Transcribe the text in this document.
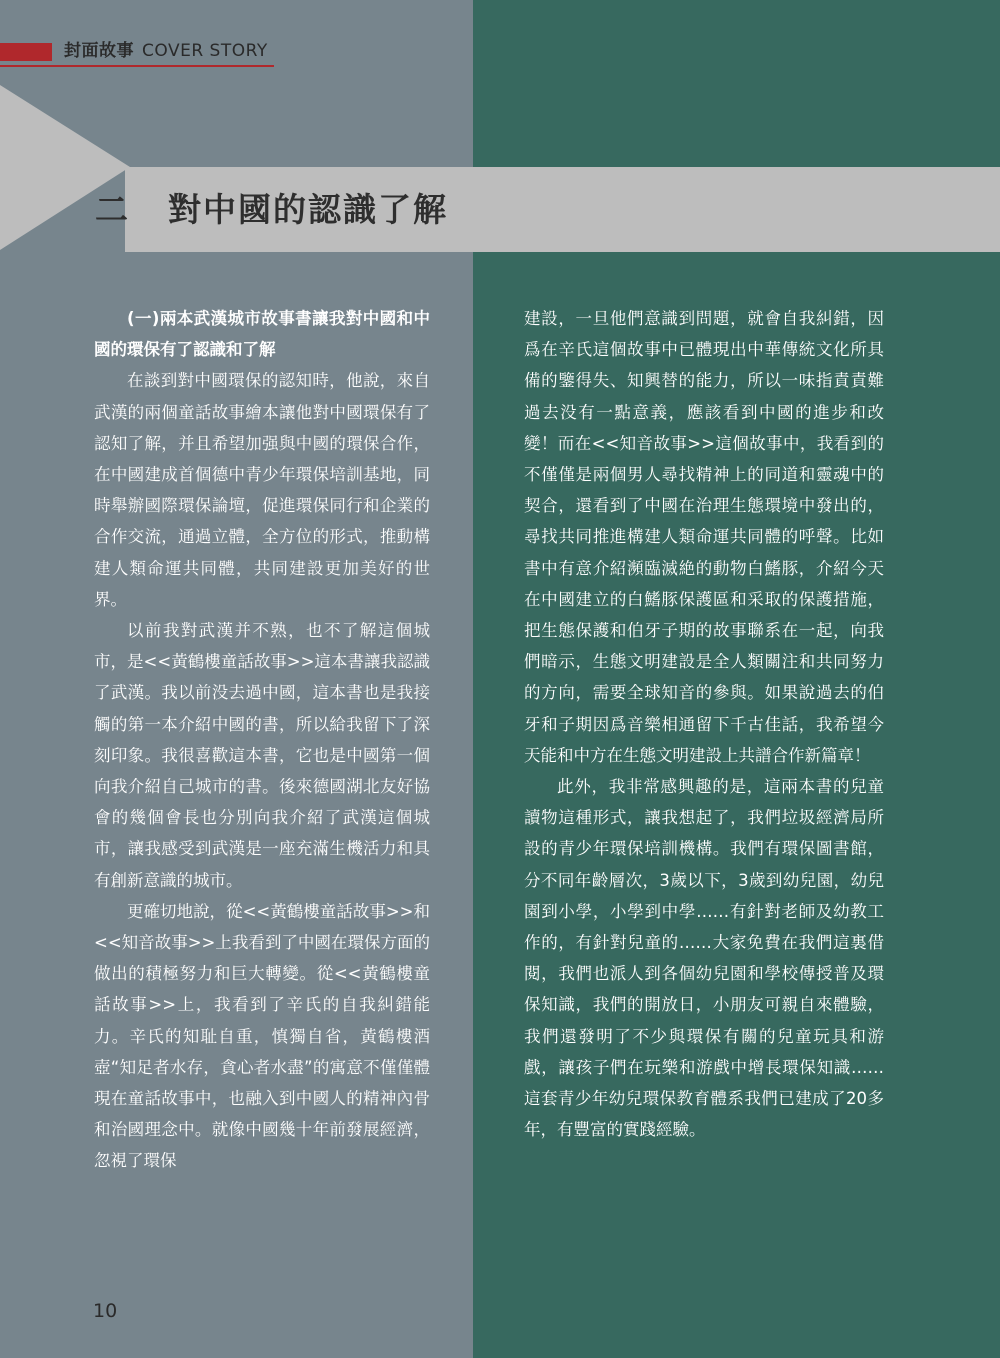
封面故事 COVER STORY
二 對中國的認識了解

(一)兩本武漢城市故事書讓我對中國和中國的環保有了認識和了解

在談到對中國環保的認知時，他說，來自武漢的兩個童話故事繪本讓他對中國環保有了認知了解，并且希望加强與中國的環保合作，在中國建成首個德中青少年環保培訓基地，同時舉辦國際環保論壇，促進環保同行和企業的合作交流，通過立體，全方位的形式，推動構建人類命運共同體，共同建設更加美好的世界。

以前我對武漢并不熟，也不了解這個城市，是<<黃鶴樓童話故事>>這本書讓我認識了武漢。我以前没去過中國，這本書也是我接觸的第一本介紹中國的書，所以給我留下了深刻印象。我很喜歡這本書，它也是中國第一個向我介紹自己城市的書。後來德國湖北友好協會的幾個會長也分別向我介紹了武漢這個城市，讓我感受到武漢是一座充滿生機活力和具有創新意識的城市。

更確切地說，從<<黃鶴樓童話故事>>和<<知音故事>>上我看到了中國在環保方面的做出的積極努力和巨大轉變。從<<黃鶴樓童話故事>>上，我看到了辛氏的自我糾錯能力。辛氏的知耻自重，慎獨自省，黃鶴樓酒壺“知足者水存，貪心者水盡”的寓意不僅僅體現在童話故事中，也融入到中國人的精神內骨和治國理念中。就像中國幾十年前發展經濟，忽視了環保

建設，一旦他們意識到問題，就會自我糾錯，因爲在辛氏這個故事中已體現出中華傳統文化所具備的鑒得失、知興替的能力，所以一味指責責難過去没有一點意義，應該看到中國的進步和改變！而在<<知音故事>>這個故事中，我看到的不僅僅是兩個男人尋找精神上的同道和靈魂中的契合，還看到了中國在治理生態環境中發出的，尋找共同推進構建人類命運共同體的呼聲。比如書中有意介紹瀕臨滅絶的動物白鰭豚，介紹今天在中國建立的白鰭豚保護區和采取的保護措施，把生態保護和伯牙子期的故事聯系在一起，向我們暗示，生態文明建設是全人類關注和共同努力的方向，需要全球知音的參與。如果說過去的伯牙和子期因爲音樂相通留下千古佳話，我希望今天能和中方在生態文明建設上共譜合作新篇章！

此外，我非常感興趣的是，這兩本書的兒童讀物這種形式，讓我想起了，我們垃圾經濟局所設的青少年環保培訓機構。我們有環保圖書館，分不同年齡層次，3歲以下，3歲到幼兒園，幼兒園到小學，小學到中學……有針對老師及幼教工作的，有針對兒童的……大家免費在我們這裏借閱，我們也派人到各個幼兒園和學校傳授普及環保知識，我們的開放日，小朋友可親自來體驗，我們還發明了不少與環保有關的兒童玩具和游戲，讓孩子們在玩樂和游戲中增長環保知識……這套青少年幼兒環保教育體系我們已建成了20多年，有豐富的實踐經驗。

10
